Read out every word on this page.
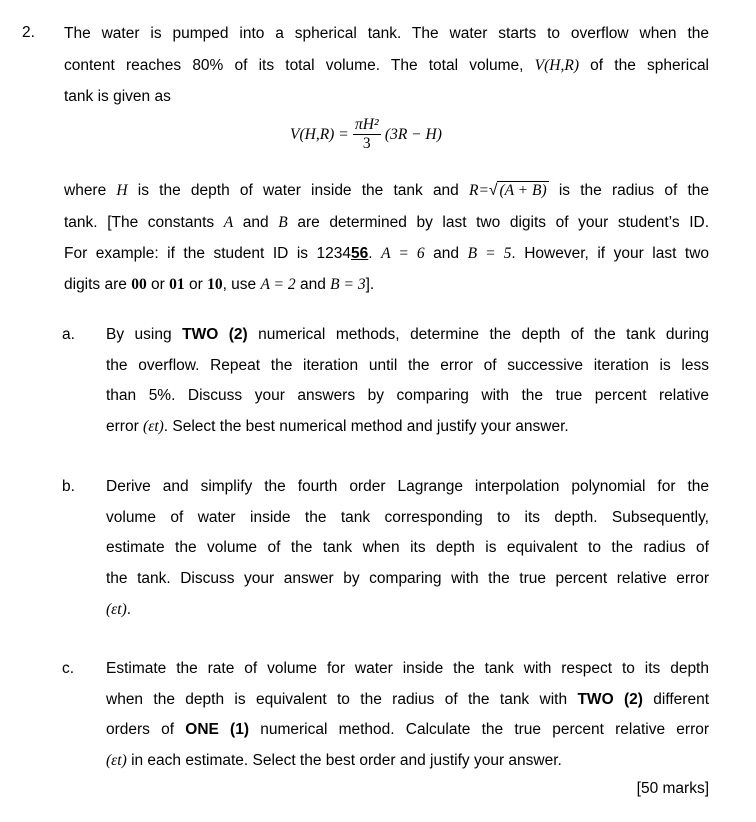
2. The water is pumped into a spherical tank. The water starts to overflow when the
content reaches 80% of its total volume. The total volume, V(H,R) of the spherical
tank is given as
$V(H,R) = \frac{\text{πH²}}{3} (3R - H)$
where H is the depth of water inside the tank and R=√ (A + B) is the radius of the
tank. [The constants A and B are determined by last two digits of your student’s ID.
For example: if the student ID is 123456. A = 6 and B = 5. However, if your last two
digits are 00 or 01 or 10, use A = 2 and B = 3].
a. By using TWO (2) numerical methods, determine the depth of the tank during
the overflow. Repeat the iteration until the error of successive iteration is less
than 5%. Discuss your answers by comparing with the true percent relative
error (εt). Select the best numerical method and justify your answer.
b. Derive and simplify the fourth order Lagrange interpolation polynomial for the
volume of water inside the tank corresponding to its depth. Subsequently,
estimate the volume of the tank when its depth is equivalent to the radius of
the tank. Discuss your answer by comparing with the true percent relative error
(εt).
c. Estimate the rate of volume for water inside the tank with respect to its depth
when the depth is equivalent to the radius of the tank with TWO (2) different
orders of ONE (1) numerical method. Calculate the true percent relative error
(εt) in each estimate. Select the best order and justify your answer.
[50 marks]
